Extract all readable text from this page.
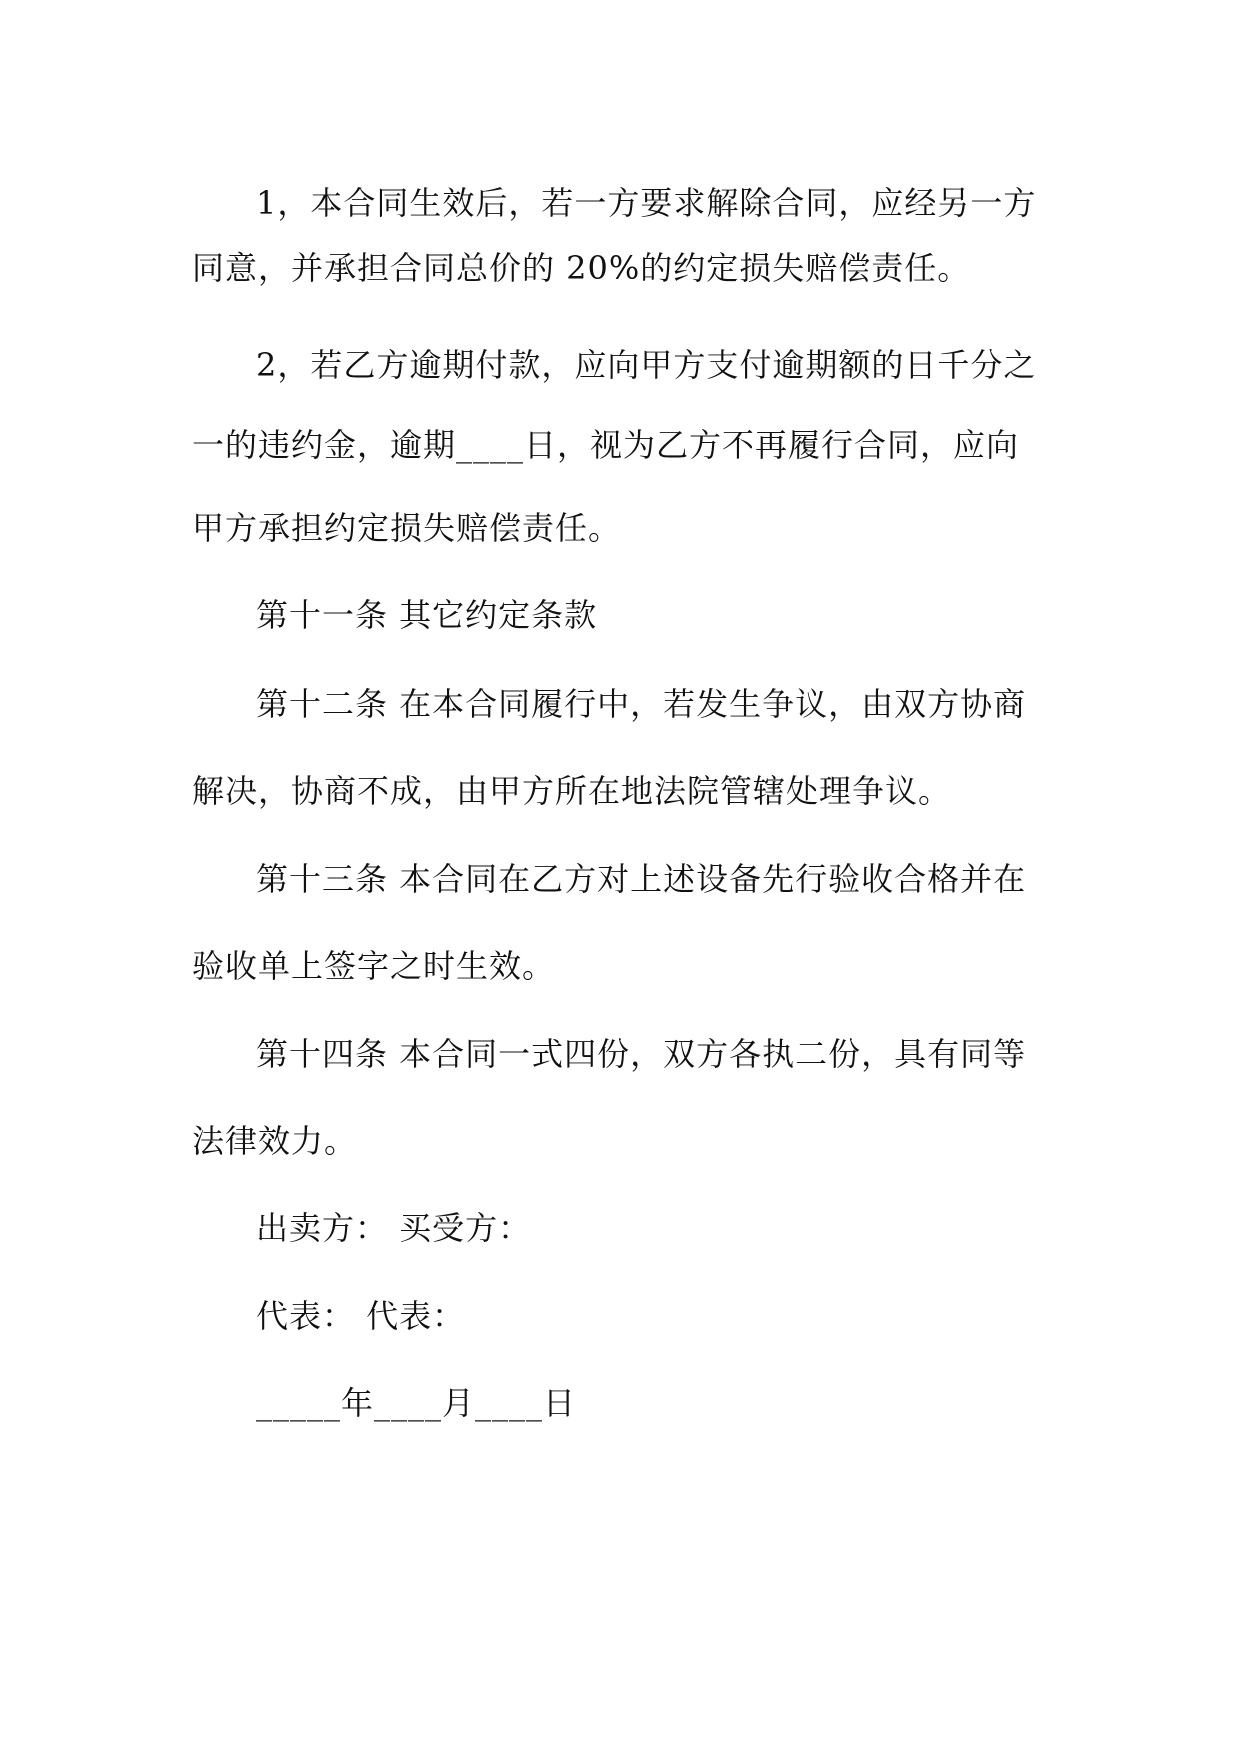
1，本合同生效后，若一方要求解除合同，应经另一方
同意，并承担合同总价的 20%的约定损失赔偿责任。
2，若乙方逾期付款，应向甲方支付逾期额的日千分之
一的违约金，逾期____日，视为乙方不再履行合同，应向
甲方承担约定损失赔偿责任。
第十一条 其它约定条款
第十二条 在本合同履行中，若发生争议，由双方协商
解决，协商不成，由甲方所在地法院管辖处理争议。
第十三条 本合同在乙方对上述设备先行验收合格并在
验收单上签字之时生效。
第十四条 本合同一式四份，双方各执二份，具有同等
法律效力。
出卖方： 买受方：
代表： 代表：
_____年____月____日
